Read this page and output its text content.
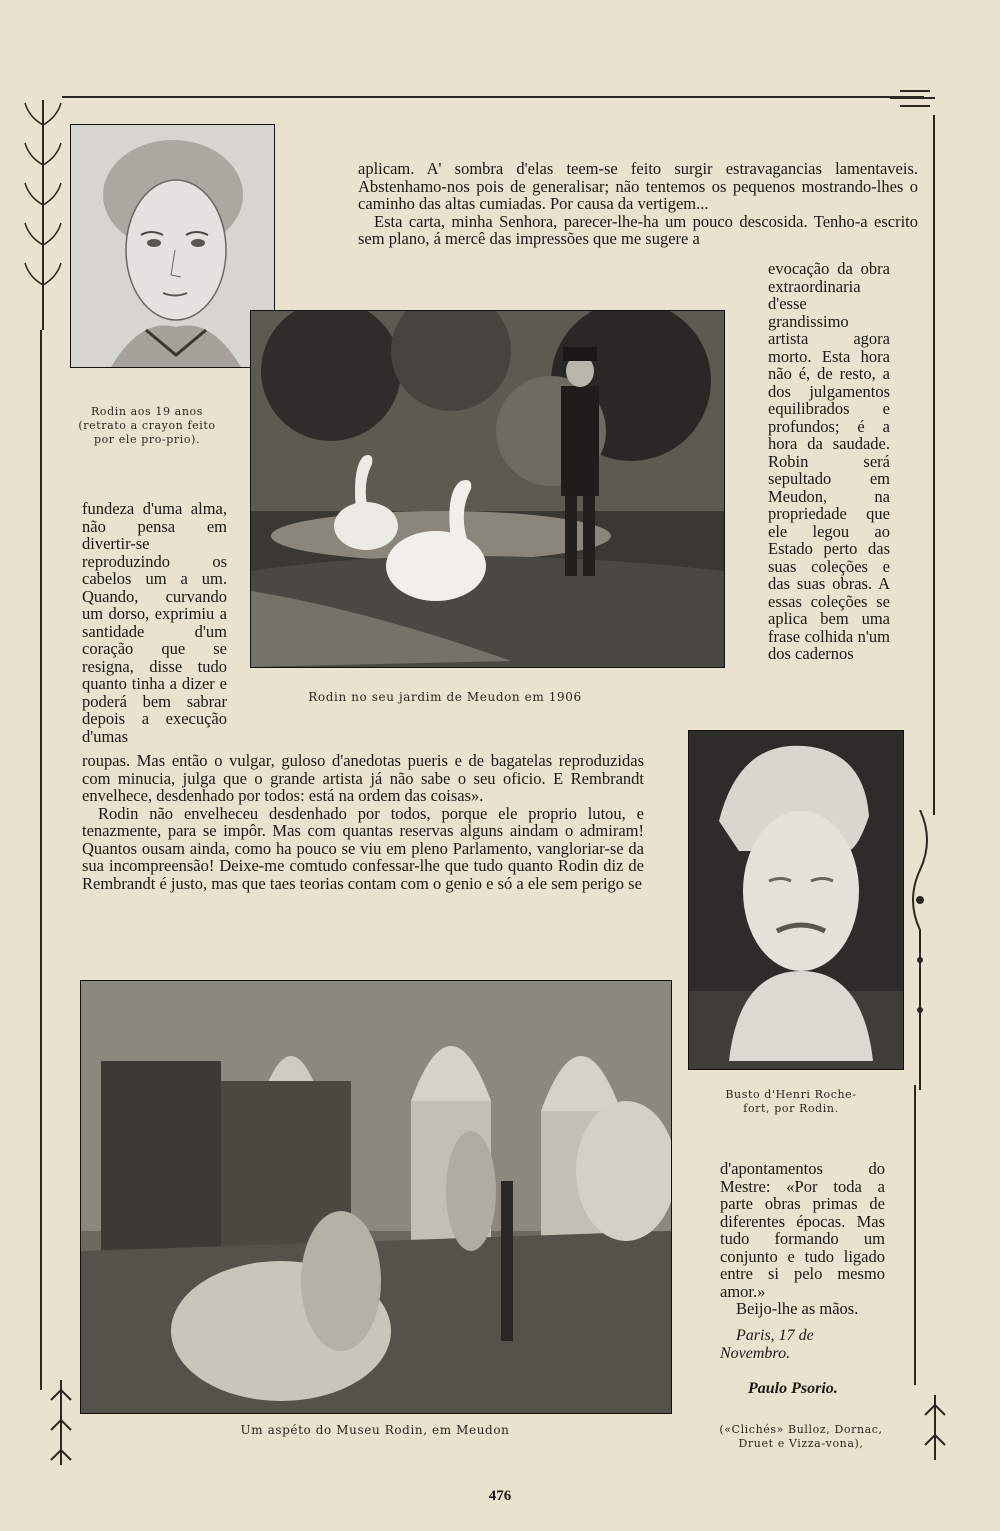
Rodin aos 19 anos (retrato a crayon feito por ele pro-prio).
Rodin no seu jardim de Meudon em 1906

aplicam. A' sombra d'elas teem-se feito surgir estravagancias lamentaveis. Abstenhamo-nos pois de generalisar; não tentemos os pequenos mostrando-lhes o caminho das altas cumiadas. Por causa da vertigem...

Esta carta, minha Senhora, parecer-lhe-ha um pouco descosida. Tenho-a escrito sem plano, á mercê das impressões que me sugere a

evocação da obra extraordinaria d'esse grandissimo artista agora morto. Esta hora não é, de resto, a dos julgamentos equilibrados e profundos; é a hora da saudade. Robin será sepultado em Meudon, na propriedade que ele legou ao Estado perto das suas coleções e das suas obras. A essas coleções se aplica bem uma frase colhida n'um dos cadernos
fundeza d'uma alma, não pensa em divertir-se reproduzindo os cabelos um a um. Quando, curvando um dorso, exprimiu a santidade d'um coração que se resigna, disse tudo quanto tinha a dizer e poderá bem sabrar depois a execução d'umas

roupas. Mas então o vulgar, guloso d'anedotas pueris e de bagatelas reproduzidas com minucia, julga que o grande artista já não sabe o seu oficio. E Rembrandt envelhece, desdenhado por todos: está na ordem das coisas».

Rodin não envelheceu desdenhado por todos, porque ele proprio lutou, e tenazmente, para se impôr. Mas com quantas reservas alguns aindam o admiram! Quantos ousam ainda, como ha pouco se viu em pleno Parlamento, vangloriar-se da sua incompreensão! Deixe-me comtudo confessar-lhe que tudo quanto Rodin diz de Rembrandt é justo, mas que taes teorias contam com o genio e só a ele sem perigo se

Busto d'Henri Roche-fort, por Rodin.
Um aspéto do Museu Rodin, em Meudon

d'apontamentos do Mestre: «Por toda a parte obras primas de diferentes épocas. Mas tudo formando um conjunto e tudo ligado entre si pelo mesmo amor.»

Beijo-lhe as mãos.

Paris, 17 de Novembro.
Paulo Psorio.
(«Clichés» Bulloz, Dornac, Druet e Vizza-vona),
476
